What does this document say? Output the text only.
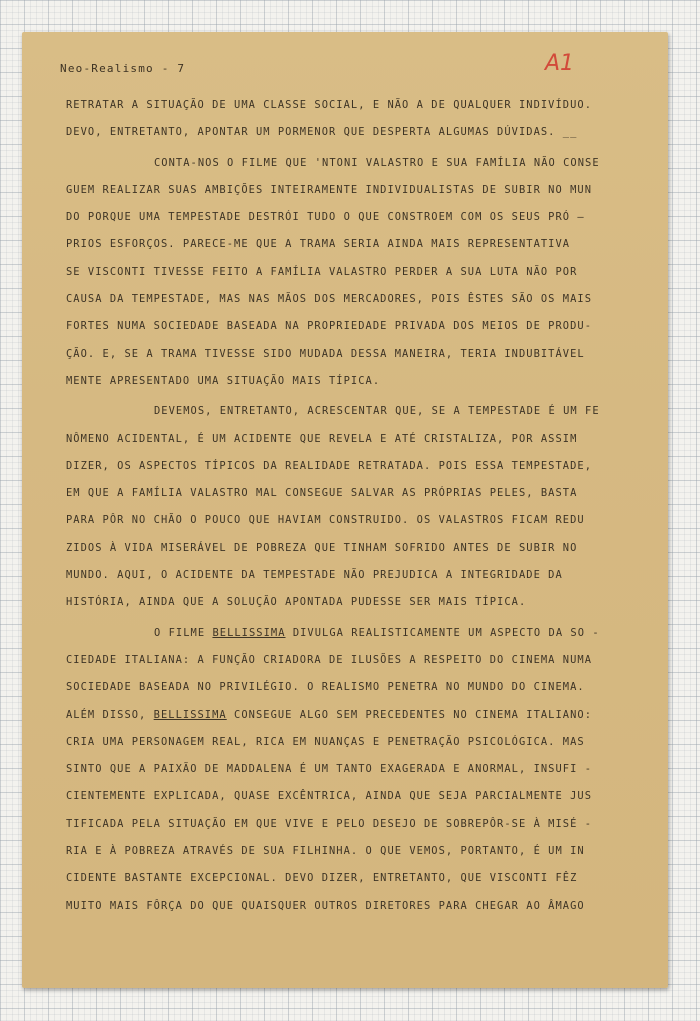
Neo-Realismo - 7	A1
RETRATAR A SITUAÇÃO DE UMA CLASSE SOCIAL, E NÃO A DE QUALQUER INDIVÍDUO.
DEVO, ENTRETANTO, APONTAR UM PORMENOR QUE DESPERTA ALGUMAS DÚVIDAS. __
CONTA-NOS O FILME QUE 'NTONI VALASTRO E SUA FAMÍLIA NÃO CONSE
GUEM REALIZAR SUAS AMBIÇÕES INTEIRAMENTE INDIVIDUALISTAS DE SUBIR NO MUN
DO PORQUE UMA TEMPESTADE DESTRÓI TUDO O QUE CONSTROEM COM OS SEUS PRÓ —
PRIOS ESFORÇOS. PARECE-ME QUE A TRAMA SERIA AINDA MAIS REPRESENTATIVA
SE VISCONTI TIVESSE FEITO A FAMÍLIA VALASTRO PERDER A SUA LUTA NÃO POR
CAUSA DA TEMPESTADE, MAS NAS MÃOS DOS MERCADORES, POIS ÊSTES SÃO OS MAIS
FORTES NUMA SOCIEDADE BASEADA NA PROPRIEDADE PRIVADA DOS MEIOS DE PRODU-
ÇÃO. E, SE A TRAMA TIVESSE SIDO MUDADA DESSA MANEIRA, TERIA INDUBITÁVEL
MENTE APRESENTADO UMA SITUAÇÃO MAIS TÍPICA.
DEVEMOS, ENTRETANTO, ACRESCENTAR QUE, SE A TEMPESTADE É UM FE
NÔMENO ACIDENTAL, É UM ACIDENTE QUE REVELA E ATÉ CRISTALIZA, POR ASSIM
DIZER, OS ASPECTOS TÍPICOS DA REALIDADE RETRATADA. POIS ESSA TEMPESTADE,
EM QUE A FAMÍLIA VALASTRO MAL CONSEGUE SALVAR AS PRÓPRIAS PELES, BASTA
PARA PÔR NO CHÃO O POUCO QUE HAVIAM CONSTRUIDO. OS VALASTROS FICAM REDU
ZIDOS À VIDA MISERÁVEL DE POBREZA QUE TINHAM SOFRIDO ANTES DE SUBIR NO
MUNDO. AQUI, O ACIDENTE DA TEMPESTADE NÃO PREJUDICA A INTEGRIDADE DA
HISTÓRIA, AINDA QUE A SOLUÇÃO APONTADA PUDESSE SER MAIS TÍPICA.
O FILME BELLISSIMA DIVULGA REALISTICAMENTE UM ASPECTO DA SO -
CIEDADE ITALIANA: A FUNÇÃO CRIADORA DE ILUSÕES A RESPEITO DO CINEMA NUMA
SOCIEDADE BASEADA NO PRIVILÉGIO. O REALISMO PENETRA NO MUNDO DO CINEMA.
ALÉM DISSO, BELLISSIMA CONSEGUE ALGO SEM PRECEDENTES NO CINEMA ITALIANO:
CRIA UMA PERSONAGEM REAL, RICA EM NUANÇAS E PENETRAÇÃO PSICOLÓGICA. MAS
SINTO QUE A PAIXÃO DE MADDALENA É UM TANTO EXAGERADA E ANORMAL, INSUFI -
CIENTEMENTE EXPLICADA, QUASE EXCÊNTRICA, AINDA QUE SEJA PARCIALMENTE JUS
TIFICADA PELA SITUAÇÃO EM QUE VIVE E PELO DESEJO DE SOBREPÔR-SE À MISÉ -
RIA E À POBREZA ATRAVÉS DE SUA FILHINHA. O QUE VEMOS, PORTANTO, É UM IN
CIDENTE BASTANTE EXCEPCIONAL. DEVO DIZER, ENTRETANTO, QUE VISCONTI FÊZ
MUITO MAIS FÔRÇA DO QUE QUAISQUER OUTROS DIRETORES PARA CHEGAR AO ÂMAGO
